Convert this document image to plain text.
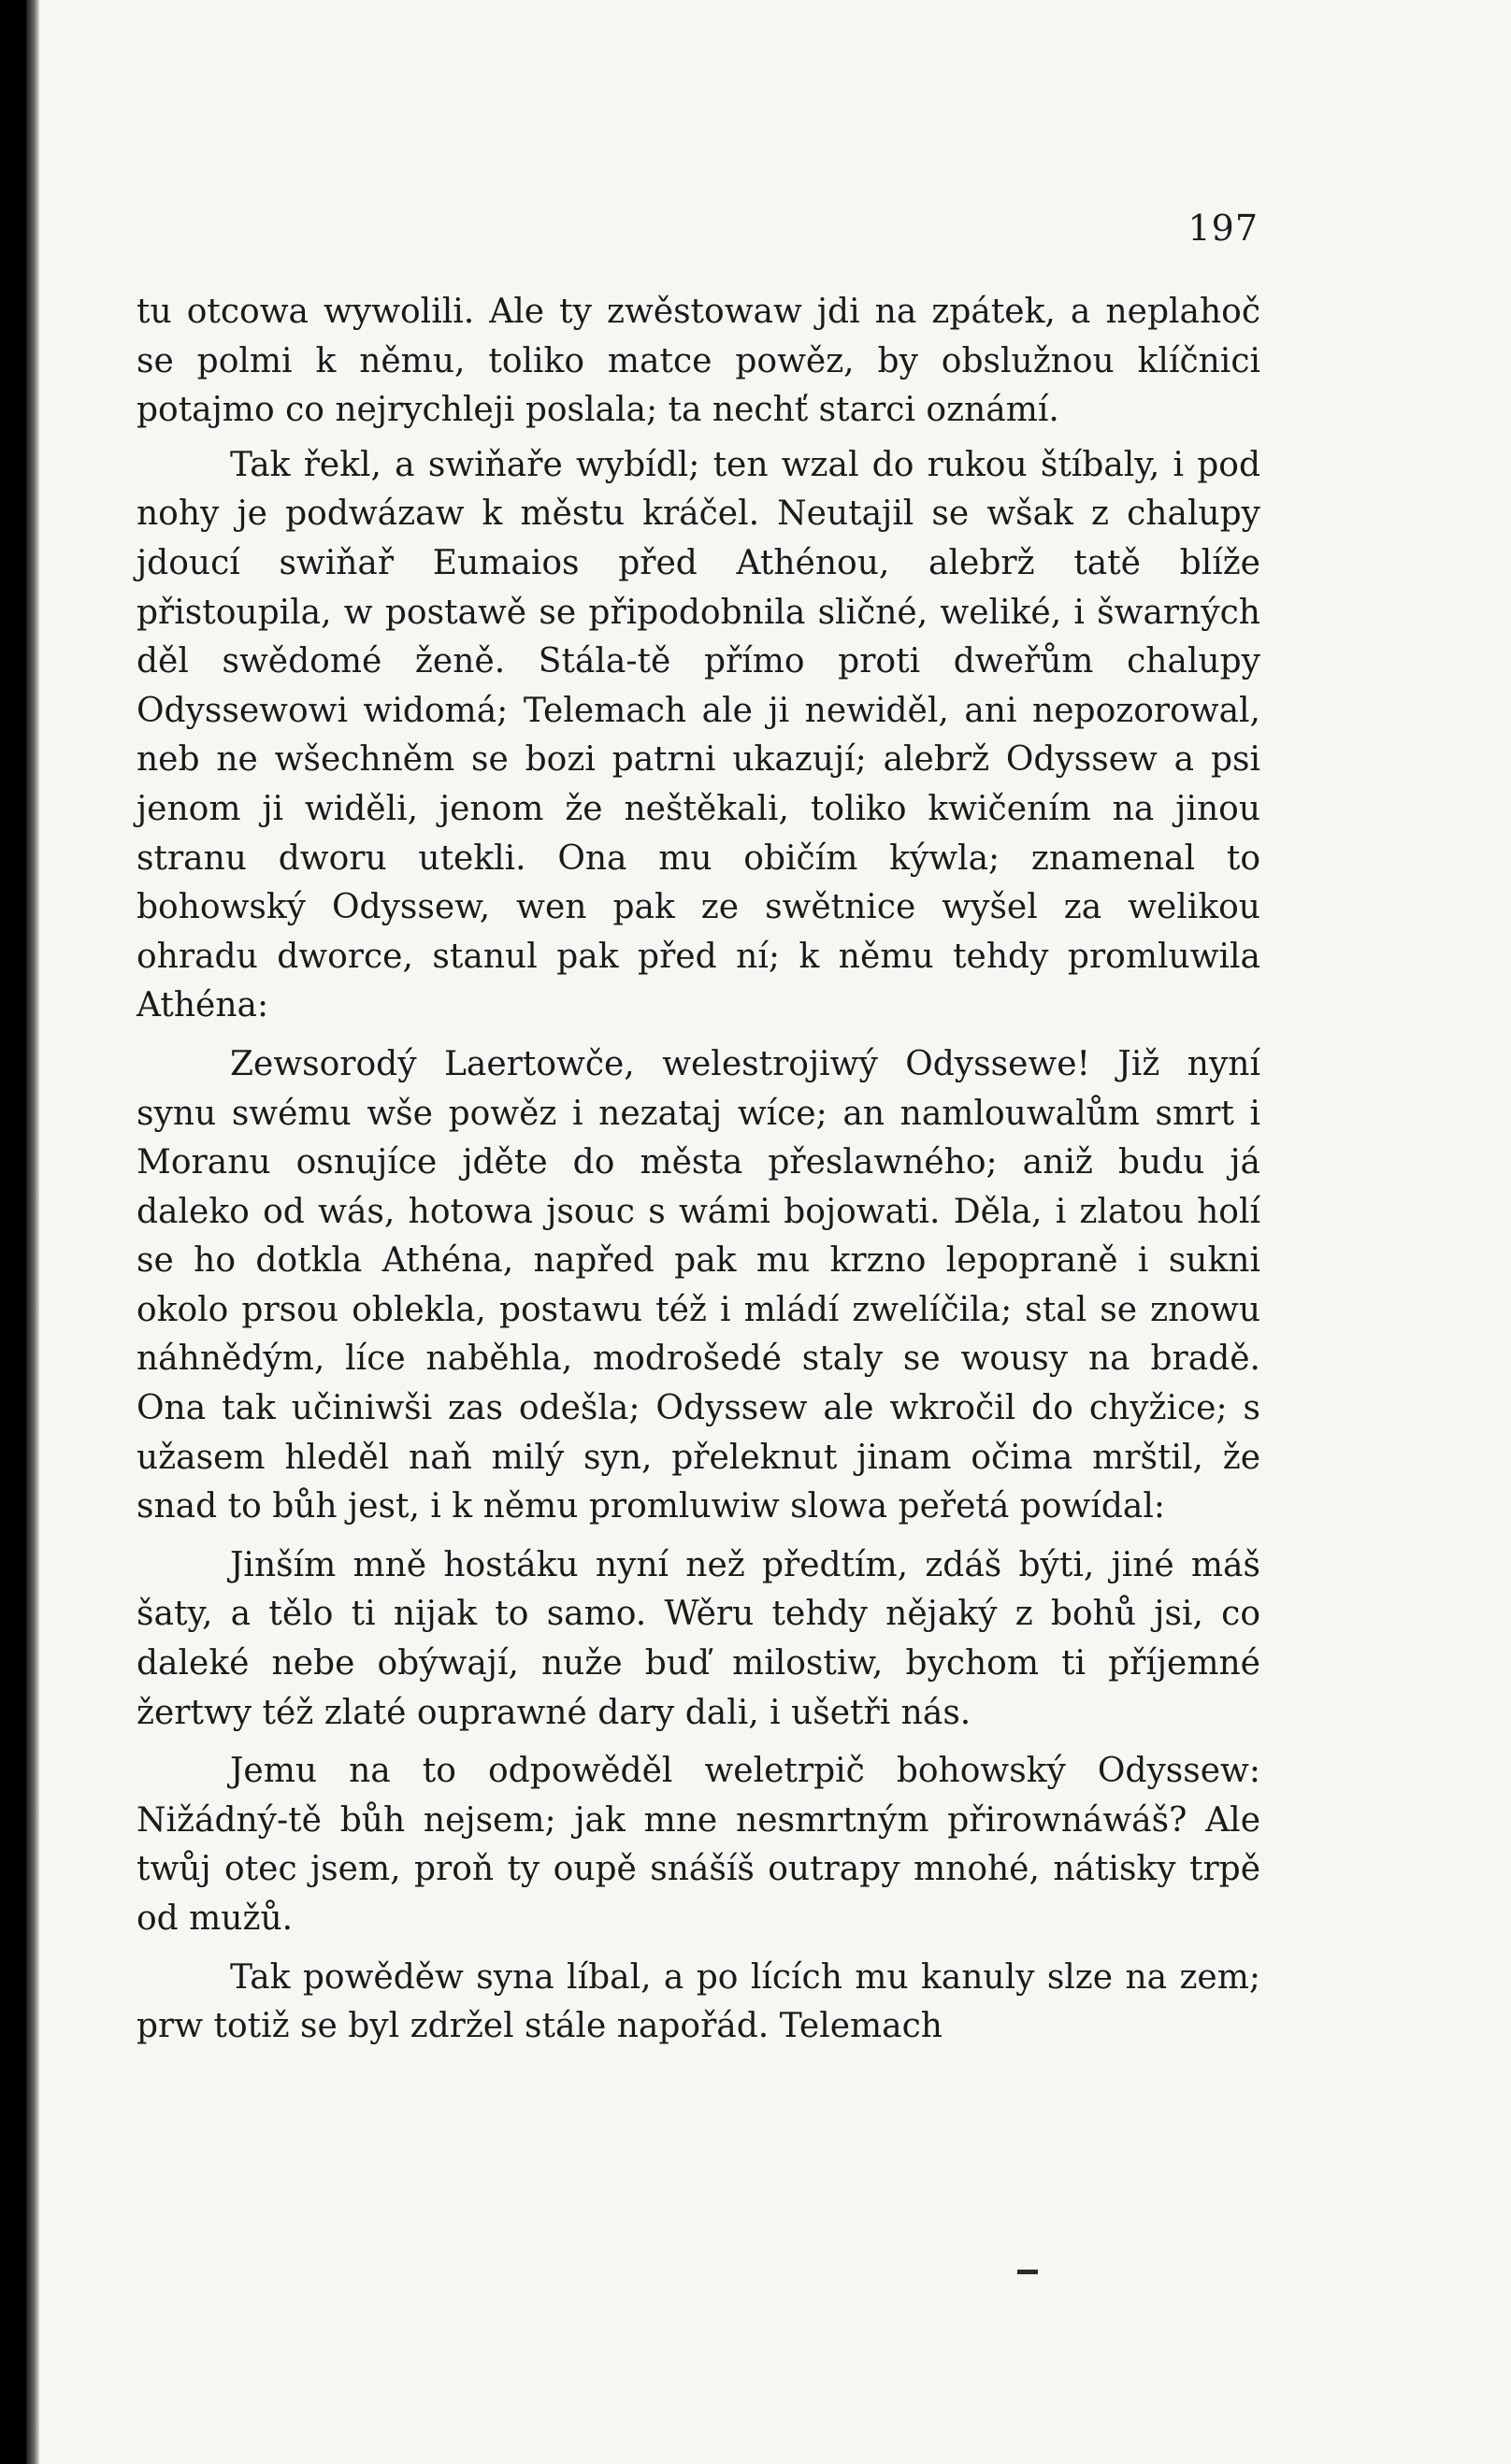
197

tu otcowa wywolili. Ale ty zwěstowaw jdi na zpátek, a neplahoč se polmi k němu, toliko matce powěz, by obslužnou klíčnici potajmo co nejrychleji poslala; ta nechť starci oznámí.

Tak řekl, a swiňaře wybídl; ten wzal do rukou štíbaly, i pod nohy je podwázaw k městu kráčel. Neutajil se wšak z chalupy jdoucí swiňař Eumaios před Athénou, alebrž tatě blíže přistoupila, w postawě se připodobnila sličné, weliké, i šwarných děl swědomé ženě. Stála-tě přímo proti dweřům chalupy Odyssewowi widomá; Telemach ale ji newiděl, ani nepozorowal, neb ne wšechněm se bozi patrni ukazují; alebrž Odyssew a psi jenom ji widěli, jenom že neštěkali, toliko kwičením na jinou stranu dworu utekli. Ona mu običím kýwla; znamenal to bohowský Odyssew, wen pak ze swětnice wyšel za welikou ohradu dworce, stanul pak před ní; k němu tehdy promluwila Athéna:

Zewsorodý Laertowče, welestrojiwý Odyssewe! Již nyní synu swému wše powěz i nezataj wíce; an namlouwalům smrt i Moranu osnujíce jděte do města přeslawného; aniž budu já daleko od wás, hotowa jsouc s wámi bojowati. Děla, i zlatou holí se ho dotkla Athéna, napřed pak mu krzno lepopraně i sukni okolo prsou oblekla, postawu též i mládí zwelíčila; stal se znowu náhnědým, líce naběhla, modrošedé staly se wousy na bradě. Ona tak učiniwši zas odešla; Odyssew ale wkročil do chyžice; s užasem hleděl naň milý syn, přeleknut jinam očima mrštil, že snad to bůh jest, i k němu promluwiw slowa peřetá powídal:

Jinším mně hostáku nyní než předtím, zdáš býti, jiné máš šaty, a tělo ti nijak to samo. Wěru tehdy nějaký z bohů jsi, co daleké nebe obýwají, nuže buď milostiw, bychom ti příjemné žertwy též zlaté ouprawné dary dali, i ušetři nás.

Jemu na to odpowěděl weletrpič bohowský Odyssew: Nižádný-tě bůh nejsem; jak mne nesmrtným přirownáwáš? Ale twůj otec jsem, proň ty oupě snášíš outrapy mnohé, nátisky trpě od mužů.

Tak powěděw syna líbal, a po lících mu kanuly slze na zem; prw totiž se byl zdržel stále napořád. Telemach
